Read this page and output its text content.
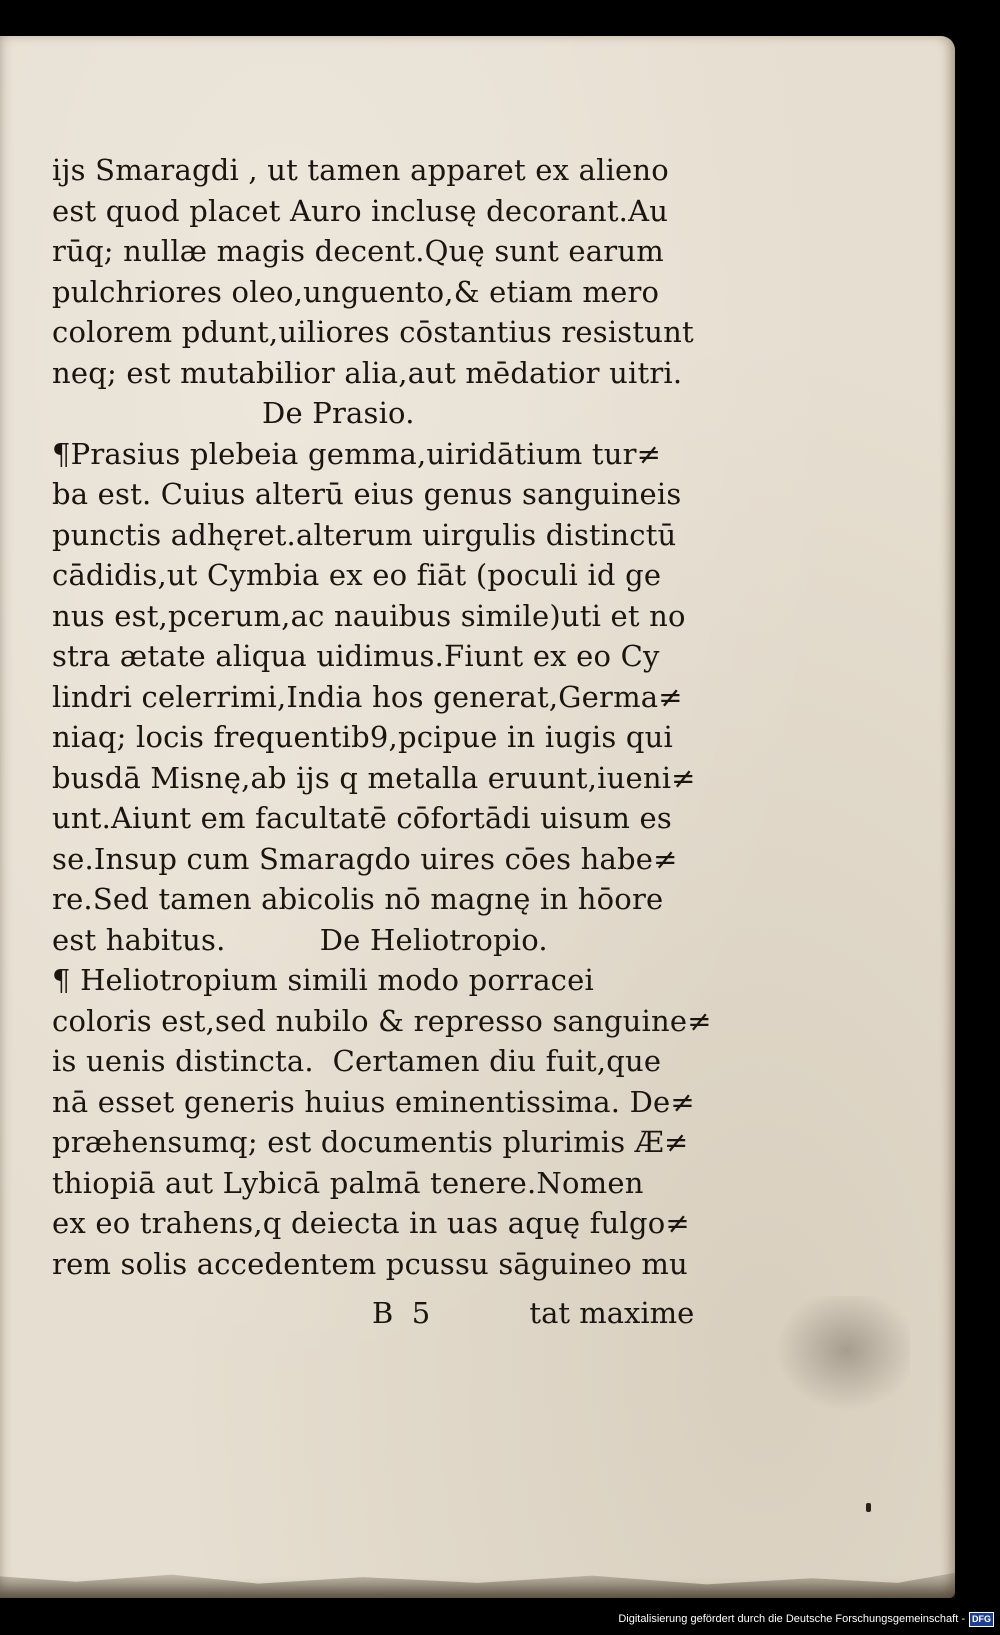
ijs Smaragdi , ut tamen apparet ex alieno
est quod placet Auro inclusę decorant.Au
rūq; nullæ magis decent.Quę sunt earum
pulchriores oleo,unguento,& etiam mero
colorem pdunt,uiliores cōstantius resistunt
neq; est mutabilior alia,aut mēdatior uitri.
De Prasio.
¶Prasius plebeia gemma,uiridātium tur≠
ba est. Cuius alterū eius genus sanguineis
punctis adhęret.alterum uirgulis distinctū
cādidis,ut Cymbia ex eo fiāt (poculi id ge
nus est,pcerum,ac nauibus simile)uti et no
stra ætate aliqua uidimus.Fiunt ex eo Cy
lindri celerrimi,India hos generat,Germa≠
niaq; locis frequentib9,pcipue in iugis qui
busdā Misnę,ab ijs q metalla eruunt,iueni≠
unt.Aiunt em facultatē cōfortādi uisum es
se.Insup cum Smaragdo uires cōes habe≠
re.Sed tamen abicolis nō magnę in hōore
est habitus.          De Heliotropio.
¶ Heliotropium simili modo porracei
coloris est,sed nubilo & represso sanguine≠
is uenis distincta.  Certamen diu fuit,que
nā esset generis huius eminentissima. De≠
præhensumq; est documentis plurimis Æ≠
thiopiā aut Lybicā palmā tenere.Nomen
ex eo trahens,q deiecta in uas aquę fulgo≠
rem solis accedentem pcussu sāguineo mu
B  5	tat maxime
Digitalisierung gefördert durch die Deutsche Forschungsgemeinschaft - DFG
